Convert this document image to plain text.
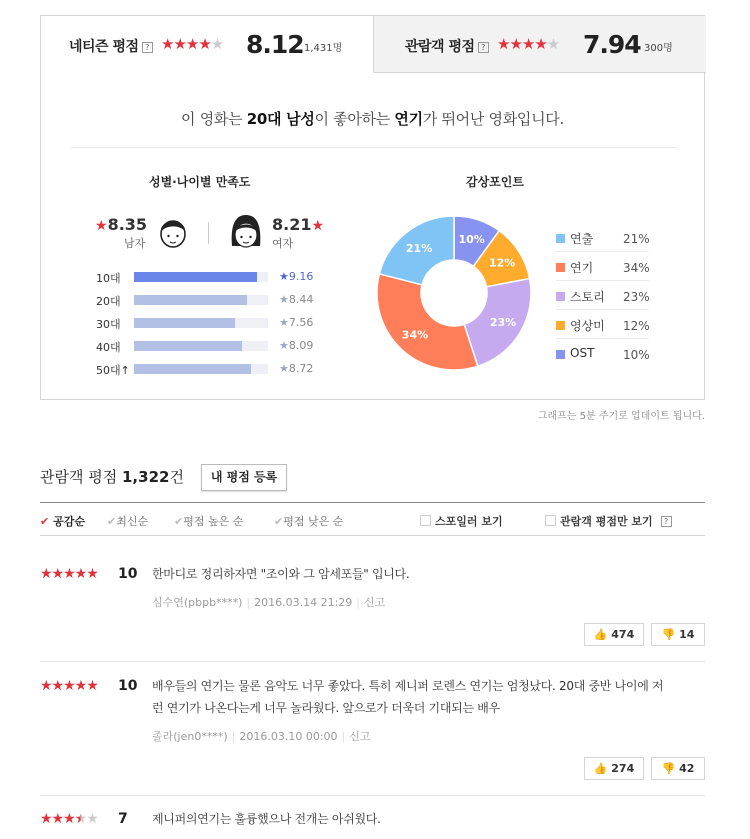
네티즌 평점 ? ★★★★★ 8.12 1,431명	관람객 평점 ? ★★★★★ 7.94 300명
이 영화는 20대 남성이 좋아하는 연기가 뛰어난 영화입니다.
성별·나이별 만족도
★8.35
남자
8.21★
여자
10대	★9.16
20대	★8.44
30대	★7.56
40대	★8.09
50대↑	★8.72
감상포인트
10%
12%
23%
34%
21%
연출 21%
연기 34%
스토리 23%
영상미 12%
OST 10%
그래프는 5분 주기로 업데이트 됩니다.
관람객 평점 1,322건	내 평점 등록
✔ 공감순 ✔최신순 ✔평점 높은 순	✔평점 낮은 순	스포일러 보기	관람객 평점만 보기 ?
★★★★★ 10 한마디로 정리하자면 "조이와 그 암세포들" 입니다.
심수연(pbpb****) | 2016.03.14 21:29 | 신고
👍 474	👎 14
★★★★★ 10 배우들의 연기는 물론 음악도 너무 좋았다. 특히 제니퍼 로렌스 연기는 엄청났다. 20대 중반 나이에 저런 연기가 나온다는게 너무 놀라웠다. 앞으로가 더욱더 기대되는 배우
졸라(jen0****) | 2016.03.10 00:00 | 신고
👍 274	👎 42
★★★★★ 7 제니퍼의연기는 훌륭했으나 전개는 아쉬웠다.
